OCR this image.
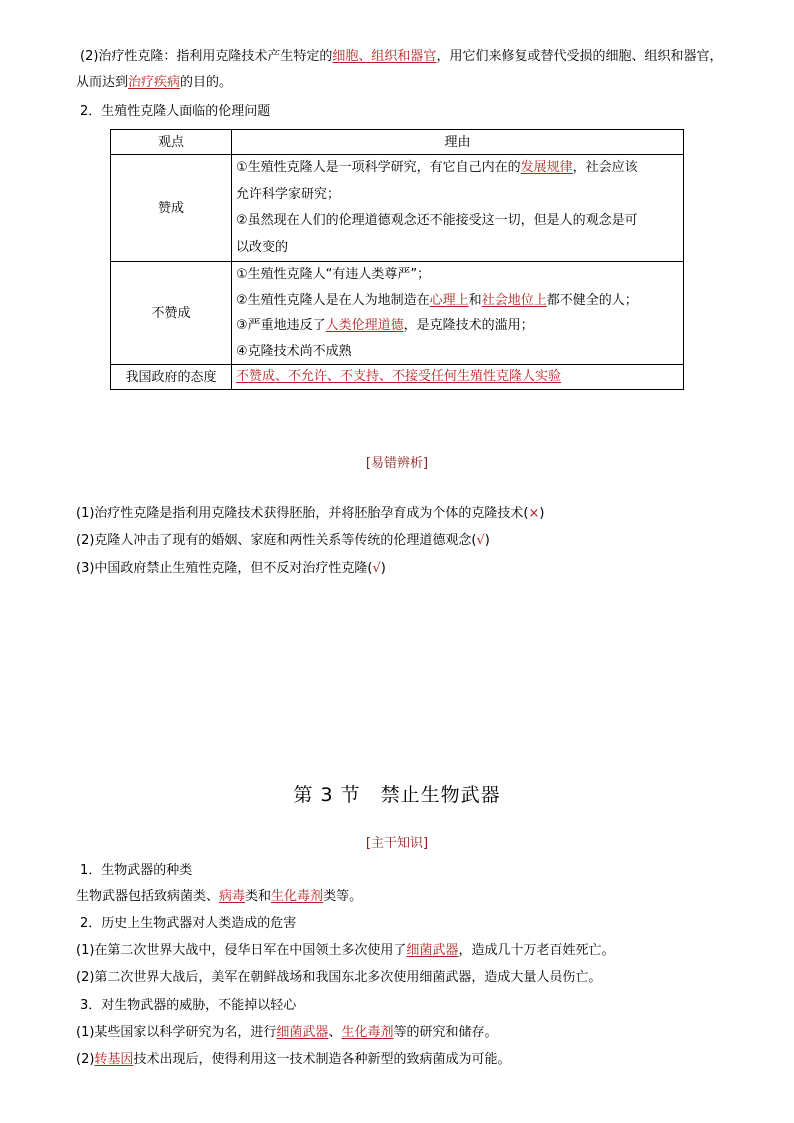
(2)治疗性克隆：指利用克隆技术产生特定的细胞、组织和器官，用它们来修复或替代受损的细胞、组织和器官，
从而达到治疗疾病的目的。
2．生殖性克隆人面临的伦理问题
观点	理由
赞成	①生殖性克隆人是一项科学研究，有它自己内在的发展规律，社会应该
允许科学家研究；
②虽然现在人们的伦理道德观念还不能接受这一切，但是人的观念是可
以改变的

不赞成	①生殖性克隆人“有违人类尊严”；
②生殖性克隆人是在人为地制造在心理上和社会地位上都不健全的人；
③严重地违反了人类伦理道德，是克隆技术的滥用；
④克隆技术尚不成熟

我国政府的态度	不赞成、不允许、不支持、不接受任何生殖性克隆人实验
[易错辨析]
(1)治疗性克隆是指利用克隆技术获得胚胎，并将胚胎孕育成为个体的克隆技术(×)
(2)克隆人冲击了现有的婚姻、家庭和两性关系等传统的伦理道德观念(√)
(3)中国政府禁止生殖性克隆，但不反对治疗性克隆(√)
第 3 节　禁止生物武器
[主干知识]
1．生物武器的种类
生物武器包括致病菌类、病毒类和生化毒剂类等。
2．历史上生物武器对人类造成的危害
(1)在第二次世界大战中，侵华日军在中国领土多次使用了细菌武器，造成几十万老百姓死亡。
(2)第二次世界大战后，美军在朝鲜战场和我国东北多次使用细菌武器，造成大量人员伤亡。
3．对生物武器的威胁，不能掉以轻心
(1)某些国家以科学研究为名，进行细菌武器、生化毒剂等的研究和储存。
(2)转基因技术出现后，使得利用这一技术制造各种新型的致病菌成为可能。
